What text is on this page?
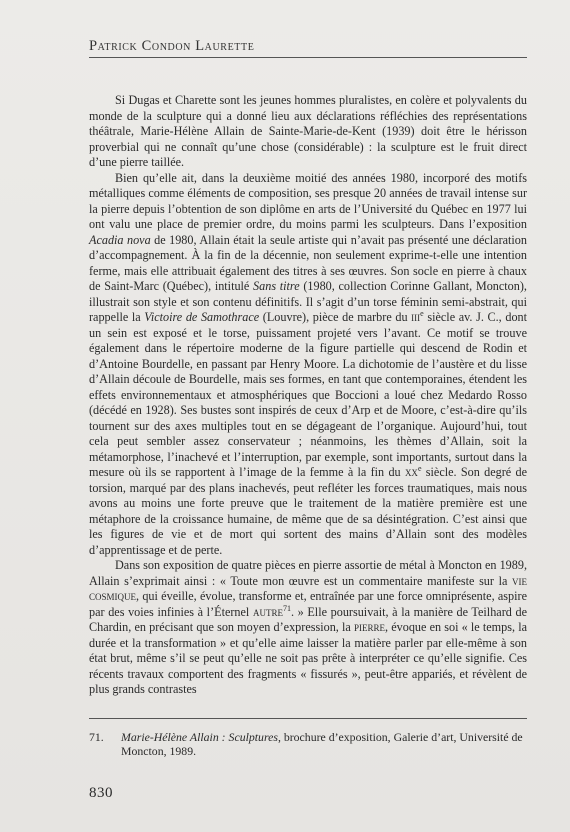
Patrick Condon Laurette

Si Dugas et Charette sont les jeunes hommes pluralistes, en colère et polyvalents du monde de la sculpture qui a donné lieu aux déclarations réfléchies des représentations théâtrale, Marie-Hélène Allain de Sainte-Marie-de-Kent (1939) doit être le hérisson proverbial qui ne connaît qu’une chose (considérable) : la sculpture est le fruit direct d’une pierre taillée.

Bien qu’elle ait, dans la deuxième moitié des années 1980, incorporé des motifs métalliques comme éléments de composition, ses presque 20 années de travail intense sur la pierre depuis l’obtention de son diplôme en arts de l’Université du Québec en 1977 lui ont valu une place de premier ordre, du moins parmi les sculpteurs. Dans l’exposition Acadia nova de 1980, Allain était la seule artiste qui n’avait pas présenté une déclaration d’accompagnement. À la fin de la décennie, non seulement exprime-t-elle une intention ferme, mais elle attribuait également des titres à ses œuvres. Son socle en pierre à chaux de Saint-Marc (Québec), intitulé Sans titre (1980, collection Corinne Gallant, Moncton), illustrait son style et son contenu définitifs. Il s’agit d’un torse féminin semi-abstrait, qui rappelle la Victoire de Samothrace (Louvre), pièce de marbre du iii$^e$ siècle av. J. C., dont un sein est exposé et le torse, puissament projeté vers l’avant. Ce motif se trouve également dans le répertoire moderne de la figure partielle qui descend de Rodin et d’Antoine Bourdelle, en passant par Henry Moore. La dichotomie de l’austère et du lisse d’Allain découle de Bourdelle, mais ses formes, en tant que contemporaines, étendent les effets environnementaux et atmosphériques que Boccioni a loué chez Medardo Rosso (décédé en 1928). Ses bustes sont inspirés de ceux d’Arp et de Moore, c’est-à-dire qu’ils tournent sur des axes multiples tout en se dégageant de l’organique. Aujourd’hui, tout cela peut sembler assez conservateur ; néanmoins, les thèmes d’Allain, soit la métamorphose, l’inachevé et l’interruption, par exemple, sont importants, surtout dans la mesure où ils se rapportent à l’image de la femme à la fin du $xx^e$ siècle. Son degré de torsion, marqué par des plans inachevés, peut refléter les forces traumatiques, mais nous avons au moins une forte preuve que le traitement de la matière première est une métaphore de la croissance humaine, de même que de sa désintégration. C’est ainsi que les figures de vie et de mort qui sortent des mains d’Allain sont des modèles d’apprentissage et de perte.

Dans son exposition de quatre pièces en pierre assortie de métal à Moncton en 1989, Allain s’exprimait ainsi : « Toute mon œuvre est un commentaire manifeste sur la vie cosmique, qui éveille, évolue, transforme et, entraînée par une force omniprésente, aspire par des voies infinies à l’Éternel autre$^{71}$. » Elle poursuivait, à la manière de Teilhard de Chardin, en précisant que son moyen d’expression, la pierre, évoque en soi « le temps, la durée et la transformation » et qu’elle aime laisser la matière parler par elle-même à son état brut, même s’il se peut qu’elle ne soit pas prête à interpréter ce qu’elle signifie. Ces récents travaux comportent des fragments « fissurés », peut-être appariés, et révèlent de plus grands contrastes

71.	Marie-Hélène Allain : Sculptures, brochure d’exposition, Galerie d’art, Université de Moncton, 1989.
830
